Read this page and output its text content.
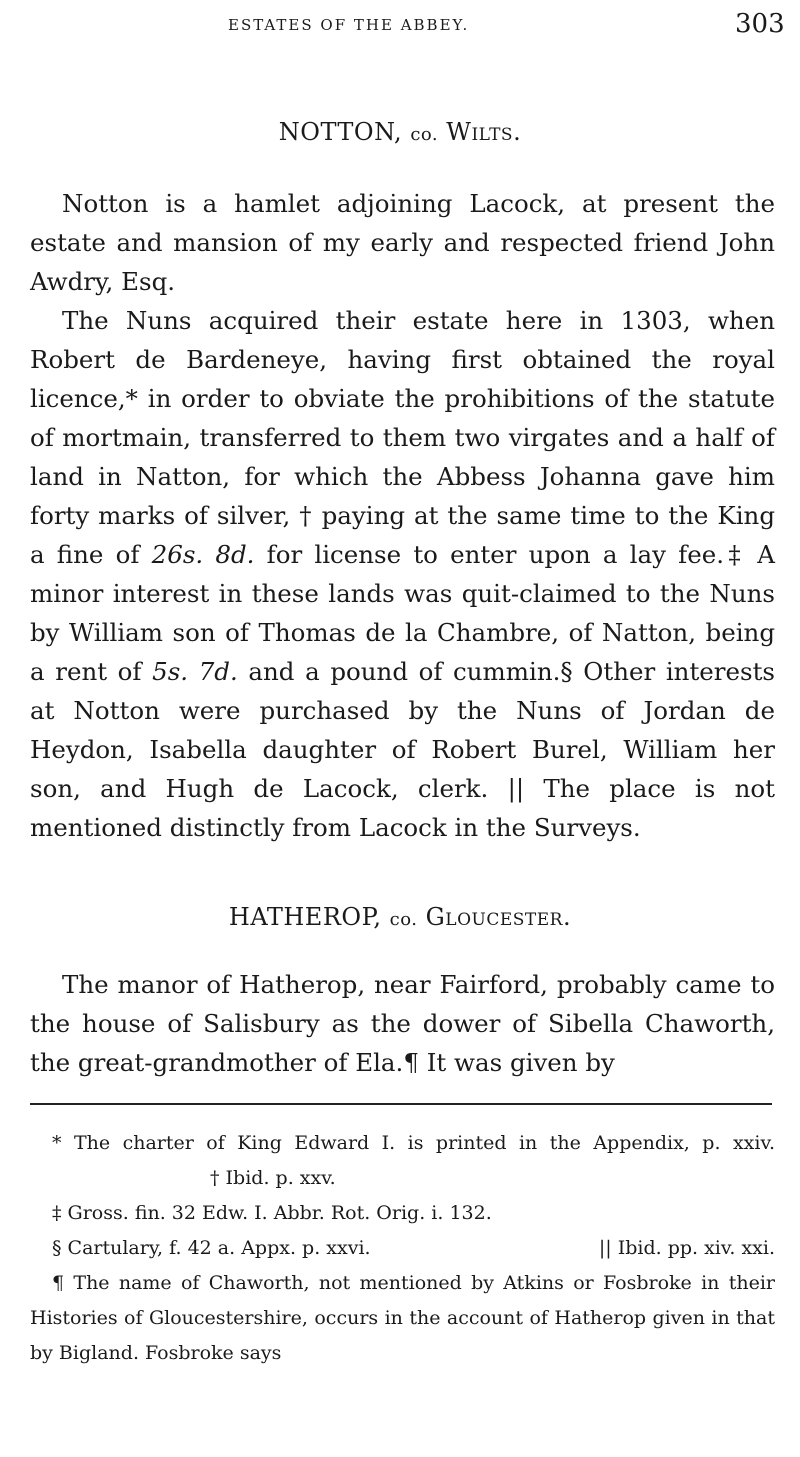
ESTATES OF THE ABBEY.	303
NOTTON, co. Wilts.

Notton is a hamlet adjoining Lacock, at present the estate and mansion of my early and respected friend John Awdry, Esq.

The Nuns acquired their estate here in 1303, when Robert de Bardeneye, having first obtained the royal licence,* in order to obviate the prohibitions of the statute of mortmain, transferred to them two virgates and a half of land in Natton, for which the Abbess Johanna gave him forty marks of silver, † paying at the same time to the King a fine of 26s. 8d. for license to enter upon a lay fee.‡ A minor interest in these lands was quit-claimed to the Nuns by William son of Thomas de la Chambre, of Natton, being a rent of 5s. 7d. and a pound of cummin.§ Other interests at Notton were purchased by the Nuns of Jordan de Heydon, Isabella daughter of Robert Burel, William her son, and Hugh de Lacock, clerk. || The place is not mentioned distinctly from Lacock in the Surveys.

HATHEROP, co. Gloucester.

The manor of Hatherop, near Fairford, probably came to the house of Salisbury as the dower of Sibella Chaworth, the great-grandmother of Ela.¶ It was given by

* The charter of King Edward I. is printed in the Appendix, p. xxiv. † Ibid. p. xxv.

‡ Gross. fin. 32 Edw. I. Abbr. Rot. Orig. i. 132.

§ Cartulary, f. 42 a. Appx. p. xxvi.	|| Ibid. pp. xiv. xxi.

¶ The name of Chaworth, not mentioned by Atkins or Fosbroke in their Histories of Gloucestershire, occurs in the account of Hatherop given in that by Bigland. Fosbroke says
